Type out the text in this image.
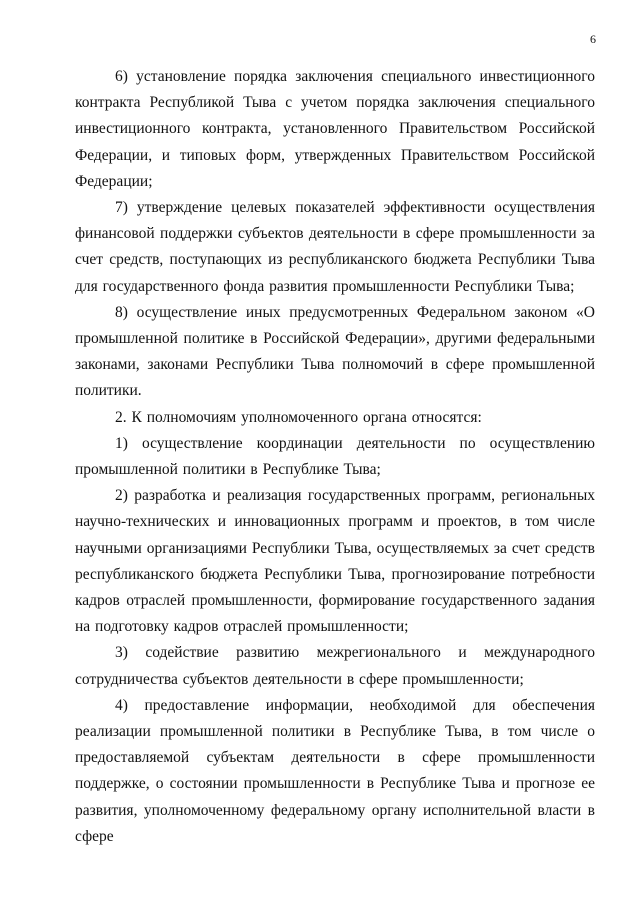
6

6) установление порядка заключения специального инвестиционного контракта Республикой Тыва с учетом порядка заключения специального инвестиционного контракта, установленного Правительством Российской Федерации, и типовых форм, утвержденных Правительством Российской Федерации;

7) утверждение целевых показателей эффективности осуществления финансовой поддержки субъектов деятельности в сфере промышленности за счет средств, поступающих из республиканского бюджета Республики Тыва для государственного фонда развития промышленности Республики Тыва;

8) осуществление иных предусмотренных Федеральном законом «О промышленной политике в Российской Федерации», другими федеральными законами, законами Республики Тыва полномочий в сфере промышленной политики.

2. К полномочиям уполномоченного органа относятся:

1) осуществление координации деятельности по осуществлению промышленной политики в Республике Тыва;

2) разработка и реализация государственных программ, региональных научно-технических и инновационных программ и проектов, в том числе научными организациями Республики Тыва, осуществляемых за счет средств республиканского бюджета Республики Тыва, прогнозирование потребности кадров отраслей промышленности, формирование государственного задания на подготовку кадров отраслей промышленности;

3) содействие развитию межрегионального и международного сотрудничества субъектов деятельности в сфере промышленности;

4) предоставление информации, необходимой для обеспечения реализации промышленной политики в Республике Тыва, в том числе о предоставляемой субъектам деятельности в сфере промышленности поддержке, о состоянии промышленности в Республике Тыва и прогнозе ее развития, уполномоченному федеральному органу исполнительной власти в сфере
